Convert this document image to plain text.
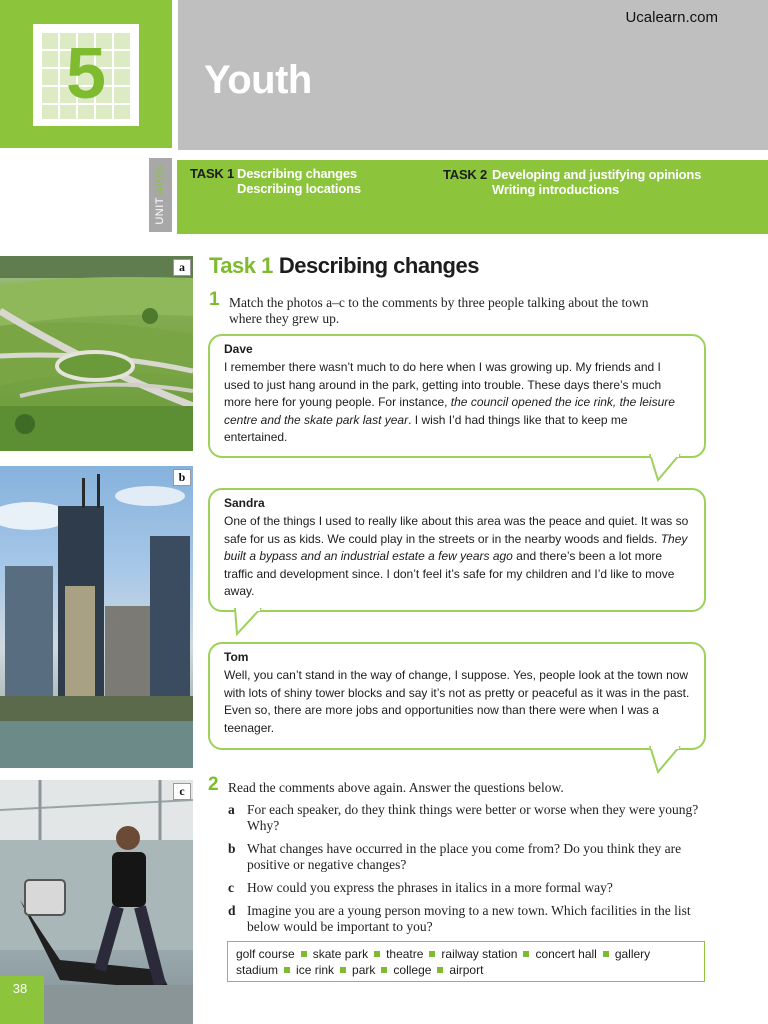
5
Ucalearn.com
Youth
UNIT AIMS	TASK 1 Describing changes
Describing locations
TASK 2 Developing and justifying opinions
Writing introductions
a
b
c
Task 1 Describing changes
1 Match the photos a–c to the comments by three people talking about the town
where they grew up.
Dave
I remember there wasn’t much to do here when I was growing up. My friends and I used to just hang around in the park, getting into trouble. These days there’s much more here for young people. For instance, the council opened the ice rink, the leisure centre and the skate park last year. I wish I’d had things like that to keep me entertained.
Sandra
One of the things I used to really like about this area was the peace and quiet. It was so safe for us as kids. We could play in the streets or in the nearby woods and fields. They built a bypass and an industrial estate a few years ago and there’s been a lot more traffic and development since. I don’t feel it’s safe for my children and I’d like to move away.
Tom
Well, you can’t stand in the way of change, I suppose. Yes, people look at the town now with lots of shiny tower blocks and say it’s not as pretty or peaceful as it was in the past. Even so, there are more jobs and opportunities now than there were when I was a teenager.
2 Read the comments above again. Answer the questions below.
a For each speaker, do they think things were better or worse when they were young? Why?
b What changes have occurred in the place you come from? Do you think they are positive or negative changes?
c How could you express the phrases in italics in a more formal way?
d Imagine you are a young person moving to a new town. Which facilities in the list below would be important to you?
golf course skate park theatre railway station concert hall gallery
stadium ice rink park college airport
38
